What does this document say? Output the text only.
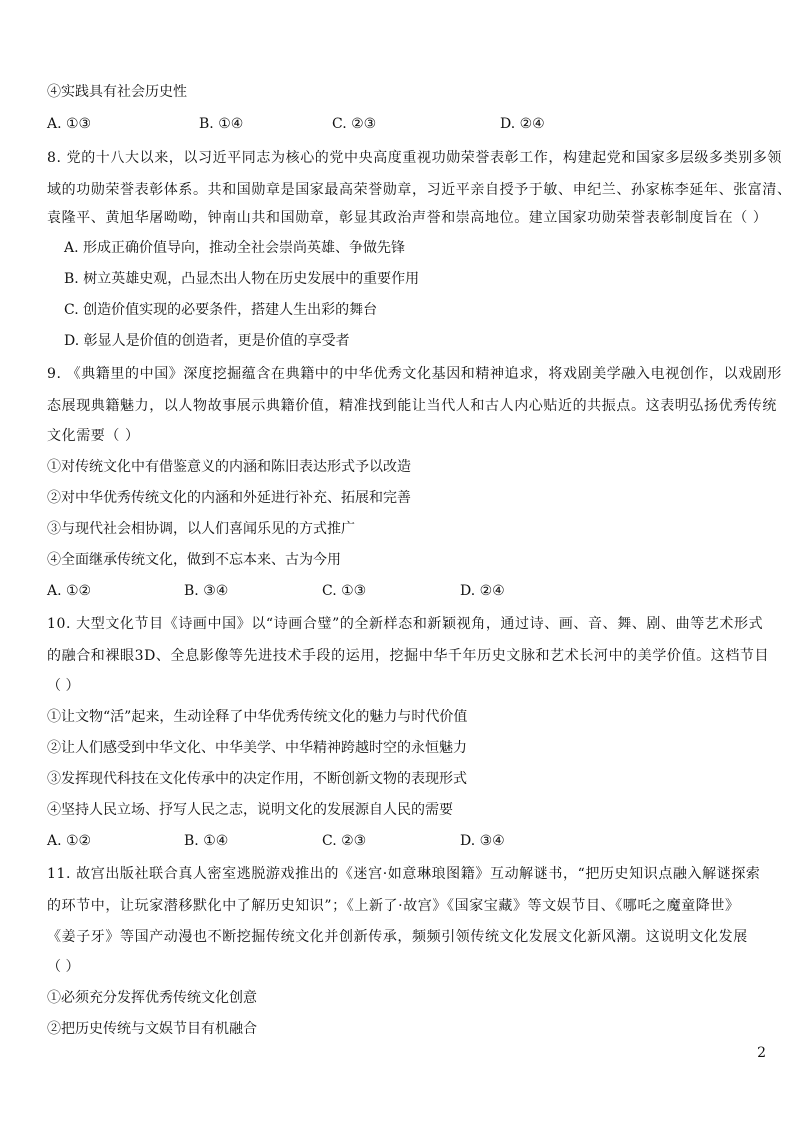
④实践具有社会历史性
A. ①③	B. ①④	C. ②③	D. ②④
8. 党的十八大以来，以习近平同志为核心的党中央高度重视功勋荣誉表彰工作，构建起党和国家多层级多类别多领
域的功勋荣誉表彰体系。共和国勋章是国家最高荣誉勋章，习近平亲自授予于敏、申纪兰、孙家栋李延年、张富清、
袁隆平、黄旭华屠呦呦，钟南山共和国勋章，彰显其政治声誉和崇高地位。建立国家功勋荣誉表彰制度旨在（ ）
A. 形成正确价值导向，推动全社会崇尚英雄、争做先锋
B. 树立英雄史观，凸显杰出人物在历史发展中的重要作用
C. 创造价值实现的必要条件，搭建人生出彩的舞台
D. 彰显人是价值的创造者，更是价值的享受者
9. 《典籍里的中国》深度挖掘蕴含在典籍中的中华优秀文化基因和精神追求，将戏剧美学融入电视创作，以戏剧形
态展现典籍魅力，以人物故事展示典籍价值，精准找到能让当代人和古人内心贴近的共振点。这表明弘扬优秀传统
文化需要（ ）
①对传统文化中有借鉴意义的内涵和陈旧表达形式予以改造
②对中华优秀传统文化的内涵和外延进行补充、拓展和完善
③与现代社会相协调，以人们喜闻乐见的方式推广
④全面继承传统文化，做到不忘本来、古为今用
A. ①②	B. ③④	C. ①③	D. ②④
10. 大型文化节目《诗画中国》以“诗画合璧”的全新样态和新颖视角，通过诗、画、音、舞、剧、曲等艺术形式
的融合和裸眼3D、全息影像等先进技术手段的运用，挖掘中华千年历史文脉和艺术长河中的美学价值。这档节目
（ ）
①让文物“活”起来，生动诠释了中华优秀传统文化的魅力与时代价值
②让人们感受到中华文化、中华美学、中华精神跨越时空的永恒魅力
③发挥现代科技在文化传承中的决定作用，不断创新文物的表现形式
④坚持人民立场、抒写人民之志，说明文化的发展源自人民的需要
A. ①②	B. ①④	C. ②③	D. ③④
11. 故宫出版社联合真人密室逃脱游戏推出的《迷宫·如意琳琅图籍》互动解谜书，“把历史知识点融入解谜探索
的环节中，让玩家潜移默化中了解历史知识”；《上新了·故宫》《国家宝藏》等文娱节目、《哪吒之魔童降世》
《姜子牙》等国产动漫也不断挖掘传统文化并创新传承，频频引领传统文化发展文化新风潮。这说明文化发展
（ ）
①必须充分发挥优秀传统文化创意
②把历史传统与文娱节目有机融合
2
